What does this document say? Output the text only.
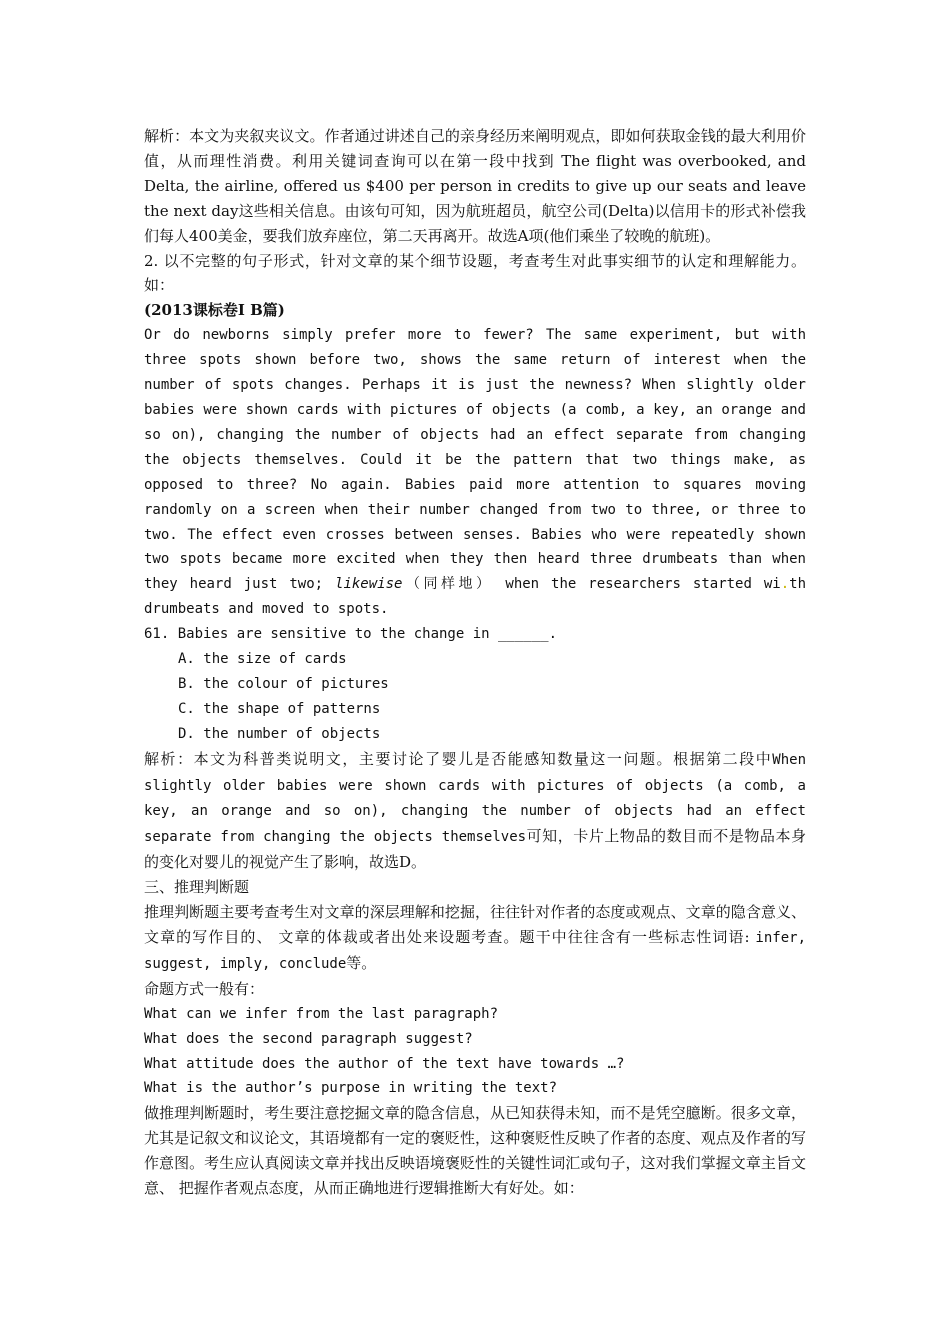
解析：本文为夹叙夹议文。作者通过讲述自己的亲身经历来阐明观点，即如何获取金钱的最大利用价值，从而理性消费。利用关键词查询可以在第一段中找到 The flight was overbooked, and Delta, the airline, offered us $400 per person in credits to give up our seats and leave the next day这些相关信息。由该句可知，因为航班超员，航空公司(Delta)以信用卡的形式补偿我们每人400美金，要我们放弃座位，第二天再离开。故选A项(他们乘坐了较晚的航班)。

2. 以不完整的句子形式，针对文章的某个细节设题，考查考生对此事实细节的认定和理解能力。如：

(2013课标卷Ⅰ B篇)

Or do newborns simply prefer more to fewer? The same experiment, but with three spots shown before two, shows the same return of interest when the number of spots changes. Perhaps it is just the newness? When slightly older babies were shown cards with pictures of objects (a comb, a key, an orange and so on), changing the number of objects had an effect separate from changing the objects themselves. Could it be the pattern that two things make, as opposed to three? No again. Babies paid more attention to squares moving randomly on a screen when their number changed from two to three, or three to two. The effect even crosses between senses. Babies who were repeatedly shown two spots became more excited when they then heard three drumbeats than when they heard just two; likewise（同样地） when the researchers started wi.th drumbeats and moved to spots.

61. Babies are sensitive to the change in ______.

A. the size of cards

B. the colour of pictures

C. the shape of patterns

D. the number of objects

解析：本文为科普类说明文，主要讨论了婴儿是否能感知数量这一问题。根据第二段中When slightly older babies were shown cards with pictures of objects (a comb, a key, an orange and so on), changing the number of objects had an effect separate from changing the objects themselves可知，卡片上物品的数目而不是物品本身的变化对婴儿的视觉产生了影响，故选D。

三、推理判断题

推理判断题主要考查考生对文章的深层理解和挖掘，往往针对作者的态度或观点、文章的隐含意义、 文章的写作目的、 文章的体裁或者出处来设题考查。题干中往往含有一些标志性词语: infer, suggest, imply, conclude等。

命题方式一般有：

What can we infer from the last paragraph?

What does the second paragraph suggest?

What attitude does the author of the text have towards …?

What is the author’s purpose in writing the text?

做推理判断题时，考生要注意挖掘文章的隐含信息，从已知获得未知，而不是凭空臆断。很多文章，尤其是记叙文和议论文，其语境都有一定的褒贬性，这种褒贬性反映了作者的态度、观点及作者的写作意图。考生应认真阅读文章并找出反映语境褒贬性的关键性词汇或句子，这对我们掌握文章主旨文意、 把握作者观点态度，从而正确地进行逻辑推断大有好处。如：
